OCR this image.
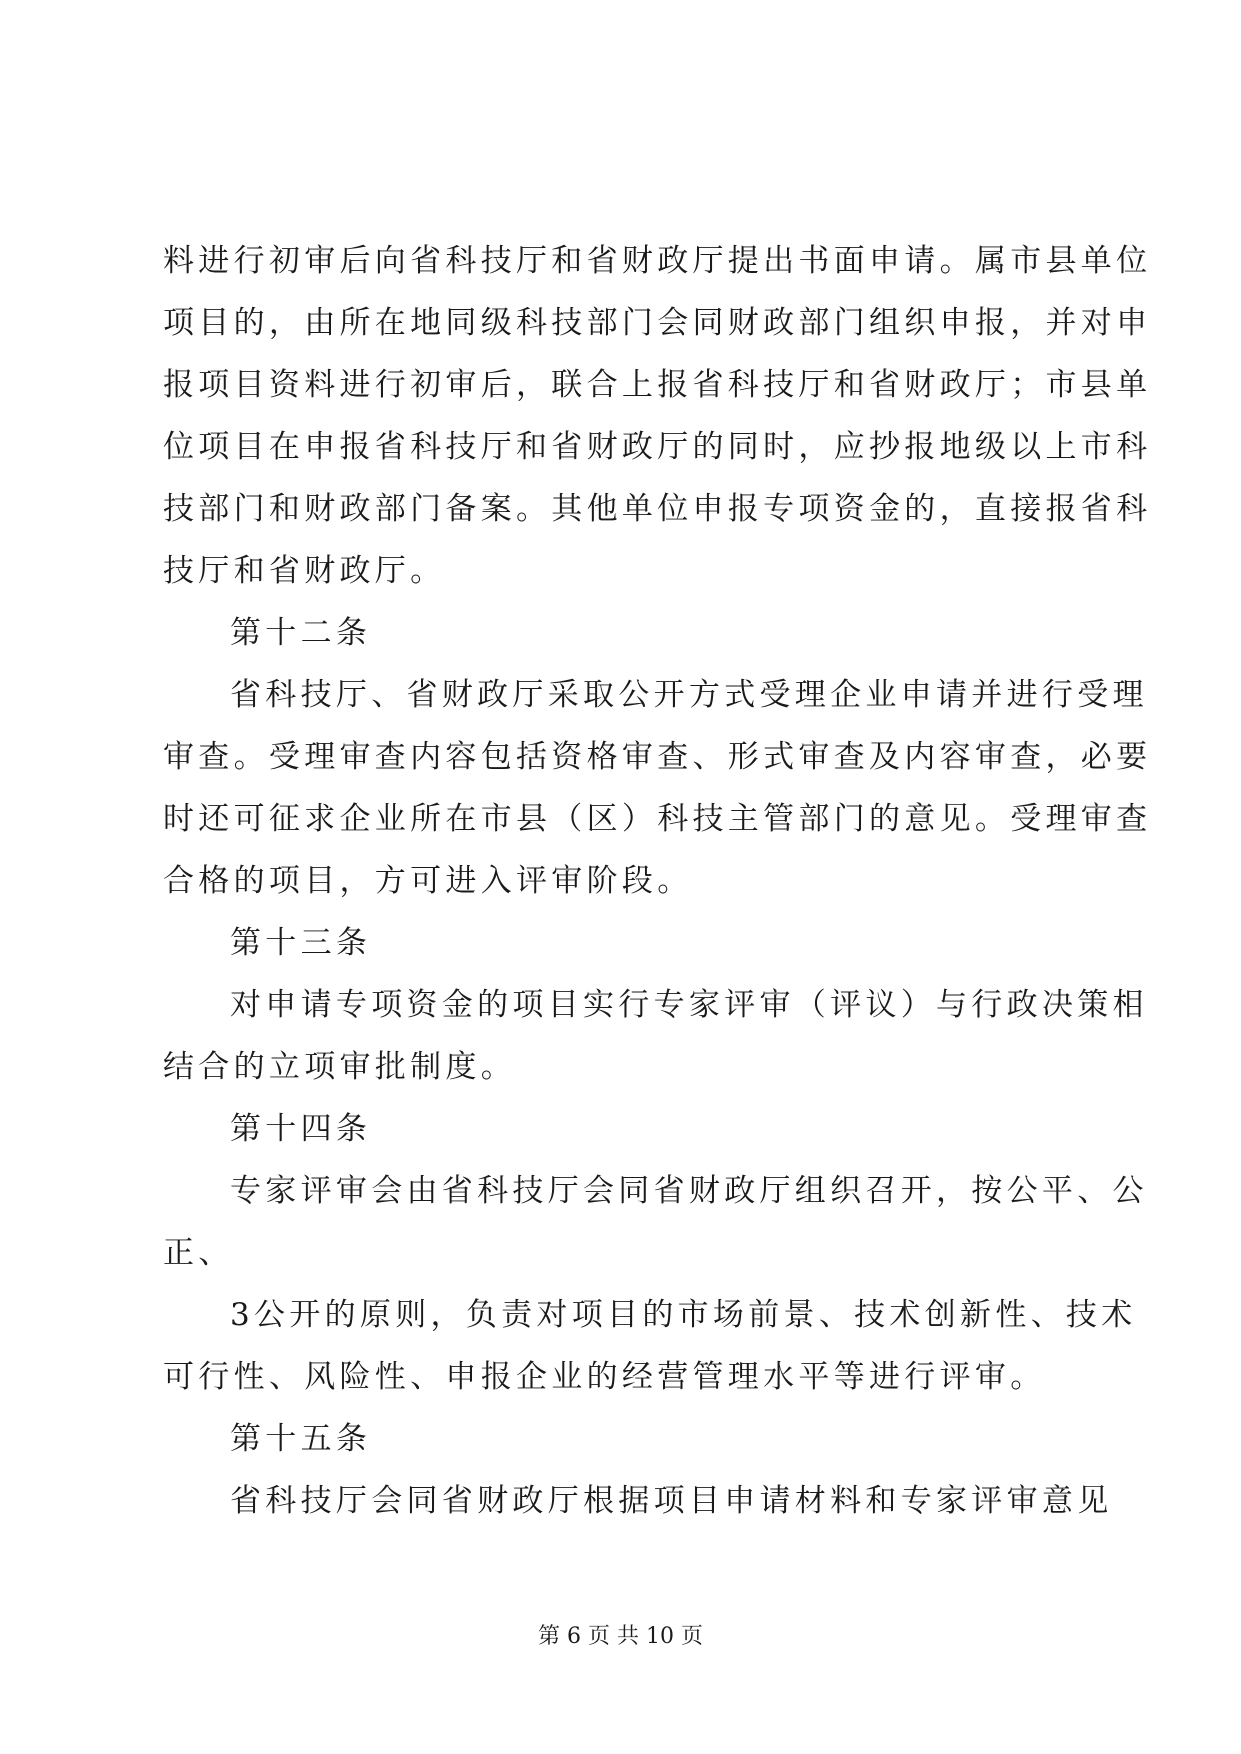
料进行初审后向省科技厅和省财政厅提出书面申请。属市县单位
项目的，由所在地同级科技部门会同财政部门组织申报，并对申
报项目资料进行初审后，联合上报省科技厅和省财政厅；市县单
位项目在申报省科技厅和省财政厅的同时，应抄报地级以上市科
技部门和财政部门备案。其他单位申报专项资金的，直接报省科
技厅和省财政厅。
第十二条
省科技厅、省财政厅采取公开方式受理企业申请并进行受理
审查。受理审查内容包括资格审查、形式审查及内容审查，必要
时还可征求企业所在市县（区）科技主管部门的意见。受理审查
合格的项目，方可进入评审阶段。
第十三条
对申请专项资金的项目实行专家评审（评议）与行政决策相
结合的立项审批制度。
第十四条
专家评审会由省科技厅会同省财政厅组织召开，按公平、公
正、
3公开的原则，负责对项目的市场前景、技术创新性、技术
可行性、风险性、申报企业的经营管理水平等进行评审。
第十五条
省科技厅会同省财政厅根据项目申请材料和专家评审意见
第 6 页 共 10 页
